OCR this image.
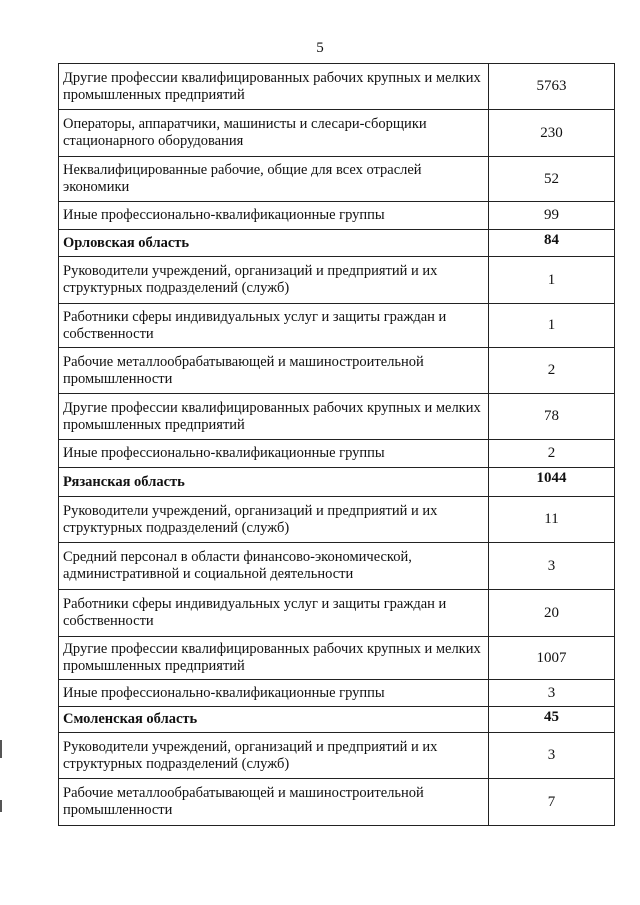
5
Другие профессии квалифицированных рабочих крупных и мелких промышленных предприятий	5763
Операторы, аппаратчики, машинисты и слесари-сборщики стационарного оборудования	230
Неквалифицированные рабочие, общие для всех отраслей экономики	52
Иные профессионально-квалификационные группы	99
Орловская область	84
Руководители учреждений, организаций и предприятий и их структурных подразделений (служб)	1
Работники сферы индивидуальных услуг и защиты граждан и собственности	1
Рабочие металлообрабатывающей и машиностроительной промышленности	2
Другие профессии квалифицированных рабочих крупных и мелких промышленных предприятий	78
Иные профессионально-квалификационные группы	2
Рязанская область	1044
Руководители учреждений, организаций и предприятий и их структурных подразделений (служб)	11
Средний персонал в области финансово-экономической, административной и социальной деятельности	3
Работники сферы индивидуальных услуг и защиты граждан и собственности	20
Другие профессии квалифицированных рабочих крупных и мелких промышленных предприятий	1007
Иные профессионально-квалификационные группы	3
Смоленская область	45
Руководители учреждений, организаций и предприятий и их структурных подразделений (служб)	3
Рабочие металлообрабатывающей и машиностроительной промышленности	7
